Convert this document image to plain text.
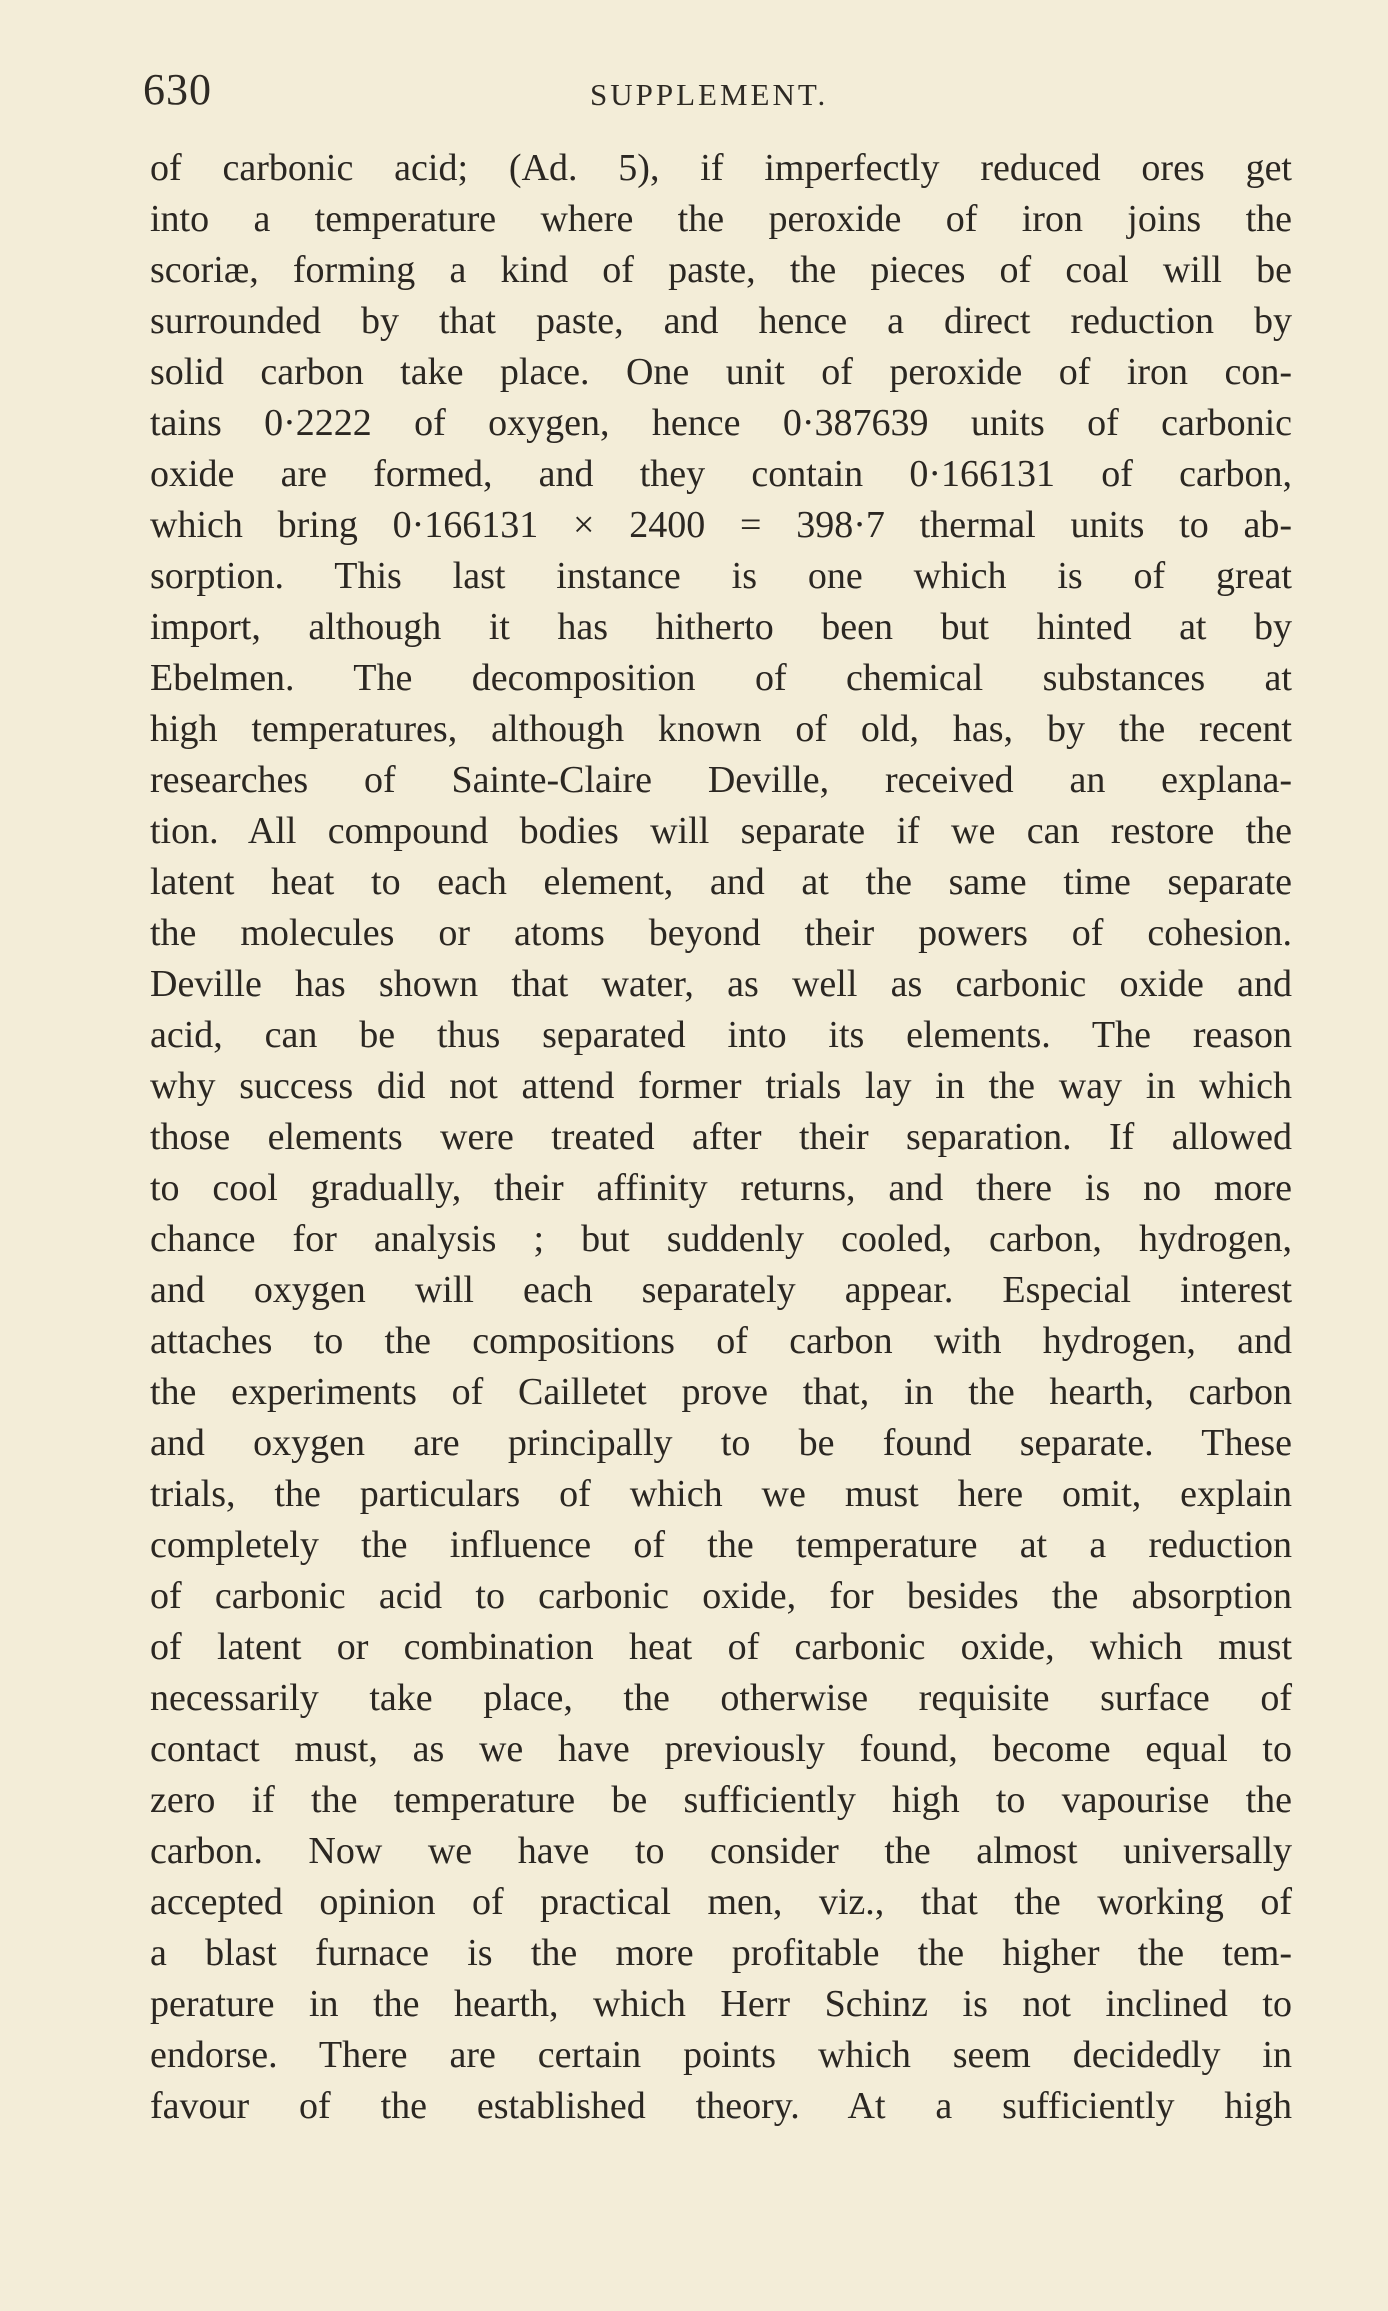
630	SUPPLEMENT.
of carbonic acid; (Ad. 5), if imperfectly reduced ores get
into a temperature where the peroxide of iron joins the
scoriæ, forming a kind of paste, the pieces of coal will be
surrounded by that paste, and hence a direct reduction by
solid carbon take place. One unit of peroxide of iron con-
tains 0·2222 of oxygen, hence 0·387639 units of carbonic
oxide are formed, and they contain 0·166131 of carbon,
which bring 0·166131 × 2400 = 398·7 thermal units to ab-
sorption. This last instance is one which is of great
import, although it has hitherto been but hinted at by
Ebelmen. The decomposition of chemical substances at
high temperatures, although known of old, has, by the recent
researches of Sainte-Claire Deville, received an explana-
tion. All compound bodies will separate if we can restore the
latent heat to each element, and at the same time separate
the molecules or atoms beyond their powers of cohesion.
Deville has shown that water, as well as carbonic oxide and
acid, can be thus separated into its elements. The reason
why success did not attend former trials lay in the way in which
those elements were treated after their separation. If allowed
to cool gradually, their affinity returns, and there is no more
chance for analysis ; but suddenly cooled, carbon, hydrogen,
and oxygen will each separately appear. Especial interest
attaches to the compositions of carbon with hydrogen, and
the experiments of Cailletet prove that, in the hearth, carbon
and oxygen are principally to be found separate. These
trials, the particulars of which we must here omit, explain
completely the influence of the temperature at a reduction
of carbonic acid to carbonic oxide, for besides the absorption
of latent or combination heat of carbonic oxide, which must
necessarily take place, the otherwise requisite surface of
contact must, as we have previously found, become equal to
zero if the temperature be sufficiently high to vapourise the
carbon. Now we have to consider the almost universally
accepted opinion of practical men, viz., that the working of
a blast furnace is the more profitable the higher the tem-
perature in the hearth, which Herr Schinz is not inclined to
endorse. There are certain points which seem decidedly in
favour of the established theory. At a sufficiently high
